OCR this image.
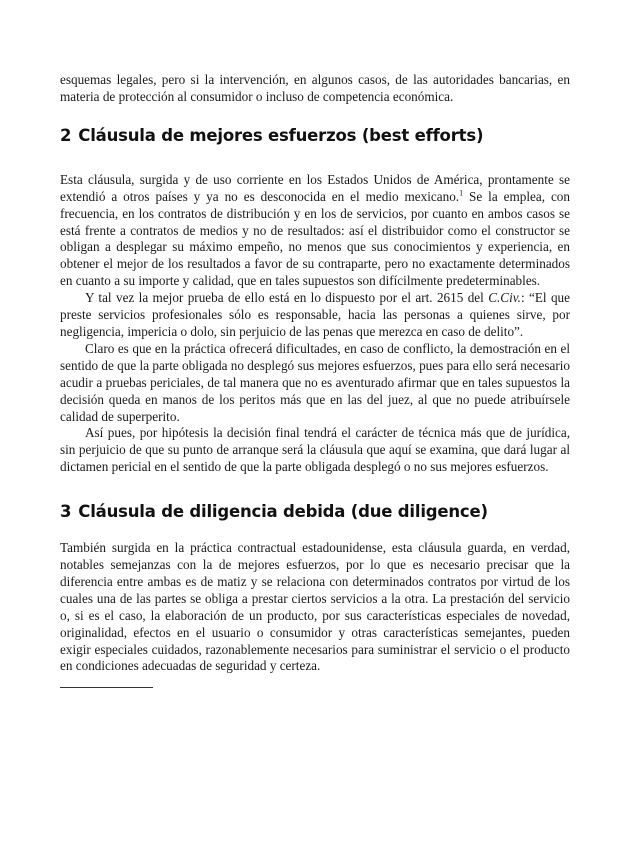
esquemas legales, pero si la intervención, en algunos casos, de las autoridades bancarias, en materia de protección al consumidor o incluso de competencia económica.

2 Cláusula de mejores esfuerzos (best efforts)

Esta cláusula, surgida y de uso corriente en los Estados Unidos de América, prontamente se extendió a otros países y ya no es desconocida en el medio mexicano.$^1$ Se la emplea, con frecuencia, en los contratos de distribución y en los de servicios, por cuanto en ambos casos se está frente a contratos de medios y no de resultados: así el distribuidor como el constructor se obligan a desplegar su máximo empeño, no menos que sus conocimientos y experiencia, en obtener el mejor de los resultados a favor de su contraparte, pero no exactamente determinados en cuanto a su importe y calidad, que en tales supuestos son difícilmente predeterminables.

Y tal vez la mejor prueba de ello está en lo dispuesto por el art. 2615 del C.Civ.: “El que preste servicios profesionales sólo es responsable, hacia las personas a quienes sirve, por negligencia, impericia o dolo, sin perjuicio de las penas que merezca en caso de delito”.

Claro es que en la práctica ofrecerá dificultades, en caso de conflicto, la demostración en el sentido de que la parte obligada no desplegó sus mejores esfuerzos, pues para ello será necesario acudir a pruebas periciales, de tal manera que no es aventurado afirmar que en tales supuestos la decisión queda en manos de los peritos más que en las del juez, al que no puede atribuírsele calidad de superperito.

Así pues, por hipótesis la decisión final tendrá el carácter de técnica más que de jurídica, sin perjuicio de que su punto de arranque será la cláusula que aquí se examina, que dará lugar al dictamen pericial en el sentido de que la parte obligada desplegó o no sus mejores esfuerzos.

3 Cláusula de diligencia debida (due diligence)

También surgida en la práctica contractual estadounidense, esta cláusula guarda, en verdad, notables semejanzas con la de mejores esfuerzos, por lo que es necesario precisar que la diferencia entre ambas es de matiz y se relaciona con determinados contratos por virtud de los cuales una de las partes se obliga a prestar ciertos servicios a la otra. La prestación del servicio o, si es el caso, la elaboración de un producto, por sus características especiales de novedad, originalidad, efectos en el usuario o consumidor y otras características semejantes, pueden exigir especiales cuidados, razonablemente necesarios para suministrar el servicio o el producto en condiciones adecuadas de seguridad y certeza.
